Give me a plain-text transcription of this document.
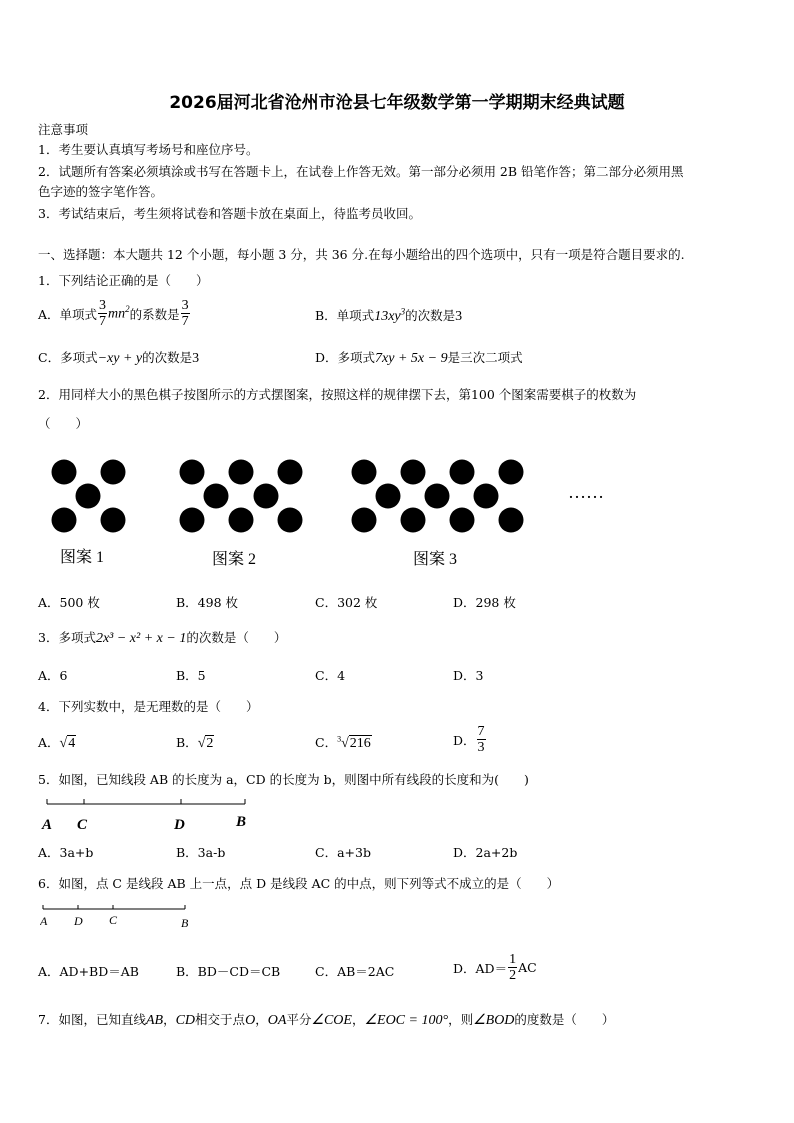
2026届河北省沧州市沧县七年级数学第一学期期末经典试题
注意事项
1．考生要认真填写考场号和座位序号。
2．试题所有答案必须填涂或书写在答题卡上，在试卷上作答无效。第一部分必须用 2B 铅笔作答；第二部分必须用黑
色字迹的签字笔作答。
3．考试结束后，考生须将试卷和答题卡放在桌面上，待监考员收回。
一、选择题：本大题共 12 个小题，每小题 3 分，共 36 分.在每小题给出的四个选项中，只有一项是符合题目要求的.
1．下列结论正确的是（　　）
A．单项式 $\frac{3}{7} mn^2$ 的系数是 $\frac{3}{7}$	B．单项式$13xy^3$的次数是3
C．多项式−xy + y的次数是3	D．多项式7xy + 5x − 9是三次二项式
2．用同样大小的黑色棋子按图所示的方式摆图案，按照这样的规律摆下去，第100 个图案需要棋子的枚数为
（　　）
图案 1	图案 2	图案 3
……
A．500 枚	B．498 枚	C．302 枚	D．298 枚
3．多项式2x³ − x² + x − 1的次数是（　　）
A．6	B．5	C．4	D．3
4．下列实数中，是无理数的是（　　）
A．√4	B．√2	C．$^3$√216	D． $\frac{7}{3}$
5．如图，已知线段 AB 的长度为 a，CD 的长度为 b，则图中所有线段的长度和为(　　)
A C	D	B
A．3a+b	B．3a-b	C．a+3b	D．2a+2b
6．如图，点 C 是线段 AB 上一点，点 D 是线段 AC 的中点，则下列等式不成立的是（　　）
A D C	B
A．AD+BD＝AB	B．BD－CD＝CB	C．AB＝2AC	D．$AD= \frac{1}{2}$ AC
7．如图，已知直线AB，CD相交于点O，OA平分∠COE，∠EOC = 100°，则∠BOD的度数是（　　）
